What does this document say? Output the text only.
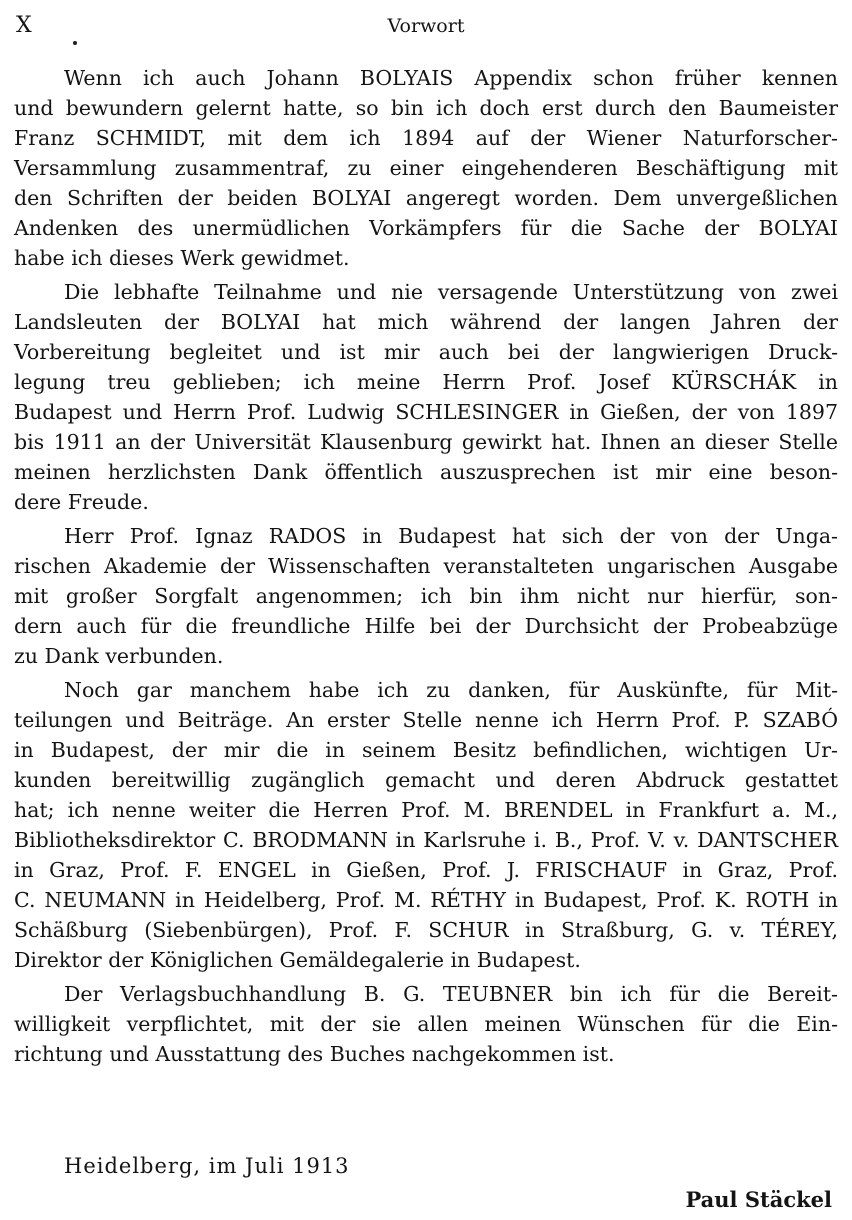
X	Vorwort

Wenn ich auch Johann BOLYAIS Appendix schon früher kennen
und bewundern gelernt hatte, so bin ich doch erst durch den Baumeister
Franz SCHMIDT, mit dem ich 1894 auf der Wiener Naturforscher-
Versammlung zusammentraf, zu einer eingehenderen Beschäftigung mit
den Schriften der beiden BOLYAI angeregt worden. Dem unvergeßlichen
Andenken des unermüdlichen Vorkämpfers für die Sache der BOLYAI
habe ich dieses Werk gewidmet.

Die lebhafte Teilnahme und nie versagende Unterstützung von zwei
Landsleuten der BOLYAI hat mich während der langen Jahren der
Vorbereitung begleitet und ist mir auch bei der langwierigen Druck-
legung treu geblieben; ich meine Herrn Prof. Josef KÜRSCHÁK in
Budapest und Herrn Prof. Ludwig SCHLESINGER in Gießen, der von 1897
bis 1911 an der Universität Klausenburg gewirkt hat. Ihnen an dieser Stelle
meinen herzlichsten Dank öffentlich auszusprechen ist mir eine beson-
dere Freude.

Herr Prof. Ignaz RADOS in Budapest hat sich der von der Unga-
rischen Akademie der Wissenschaften veranstalteten ungarischen Ausgabe
mit großer Sorgfalt angenommen; ich bin ihm nicht nur hierfür, son-
dern auch für die freundliche Hilfe bei der Durchsicht der Probeabzüge
zu Dank verbunden.

Noch gar manchem habe ich zu danken, für Auskünfte, für Mit-
teilungen und Beiträge. An erster Stelle nenne ich Herrn Prof. P. SZABÓ
in Budapest, der mir die in seinem Besitz befindlichen, wichtigen Ur-
kunden bereitwillig zugänglich gemacht und deren Abdruck gestattet
hat; ich nenne weiter die Herren Prof. M. BRENDEL in Frankfurt a. M.,
Bibliotheksdirektor C. BRODMANN in Karlsruhe i. B., Prof. V. v. DANTSCHER
in Graz, Prof. F. ENGEL in Gießen, Prof. J. FRISCHAUF in Graz, Prof.
C. NEUMANN in Heidelberg, Prof. M. RÉTHY in Budapest, Prof. K. ROTH in
Schäßburg (Siebenbürgen), Prof. F. SCHUR in Straßburg, G. v. TÉREY,
Direktor der Königlichen Gemäldegalerie in Budapest.

Der Verlagsbuchhandlung B. G. TEUBNER bin ich für die Bereit-
willigkeit verpflichtet, mit der sie allen meinen Wünschen für die Ein-
richtung und Ausstattung des Buches nachgekommen ist.

Heidelberg, im Juli 1913
Paul Stäckel
